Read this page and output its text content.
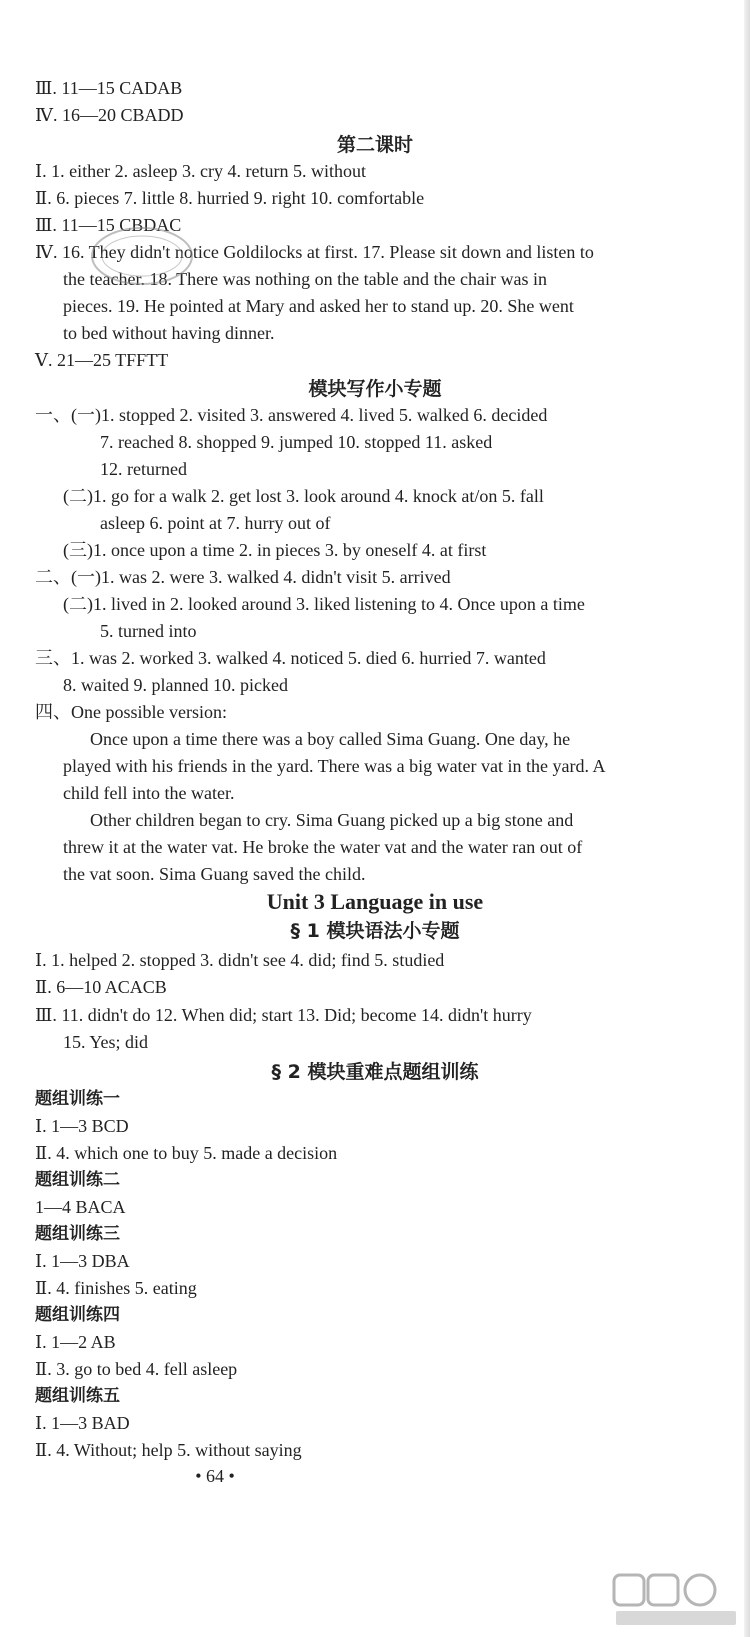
Ⅲ. 11—15 CADAB
Ⅳ. 16—20 CBADD
第二课时
Ⅰ. 1. either 2. asleep 3. cry 4. return 5. without
Ⅱ. 6. pieces 7. little 8. hurried 9. right 10. comfortable
Ⅲ. 11—15 CBDAC
Ⅳ. 16. They didn't notice Goldilocks at first. 17. Please sit down and listen to
the teacher. 18. There was nothing on the table and the chair was in
pieces. 19. He pointed at Mary and asked her to stand up. 20. She went
to bed without having dinner.
Ⅴ. 21—25 TFFTT
模块写作小专题
一、(一)1. stopped 2. visited 3. answered 4. lived 5. walked 6. decided
7. reached 8. shopped 9. jumped 10. stopped 11. asked
12. returned
(二)1. go for a walk 2. get lost 3. look around 4. knock at/on 5. fall
asleep 6. point at 7. hurry out of
(三)1. once upon a time 2. in pieces 3. by oneself 4. at first
二、(一)1. was 2. were 3. walked 4. didn't visit 5. arrived
(二)1. lived in 2. looked around 3. liked listening to 4. Once upon a time
5. turned into
三、1. was 2. worked 3. walked 4. noticed 5. died 6. hurried 7. wanted
8. waited 9. planned 10. picked
四、One possible version:
Once upon a time there was a boy called Sima Guang. One day, he
played with his friends in the yard. There was a big water vat in the yard. A
child fell into the water.
Other children began to cry. Sima Guang picked up a big stone and
threw it at the water vat. He broke the water vat and the water ran out of
the vat soon. Sima Guang saved the child.
Unit 3 Language in use
§ 1 模块语法小专题
Ⅰ. 1. helped 2. stopped 3. didn't see 4. did; find 5. studied
Ⅱ. 6—10 ACACB
Ⅲ. 11. didn't do 12. When did; start 13. Did; become 14. didn't hurry
15. Yes; did
§ 2 模块重难点题组训练
题组训练一
Ⅰ. 1—3 BCD
Ⅱ. 4. which one to buy 5. made a decision
题组训练二
1—4 BACA
题组训练三
Ⅰ. 1—3 DBA
Ⅱ. 4. finishes 5. eating
题组训练四
Ⅰ. 1—2 AB
Ⅱ. 3. go to bed 4. fell asleep
题组训练五
Ⅰ. 1—3 BAD
Ⅱ. 4. Without; help 5. without saying
• 64 •
